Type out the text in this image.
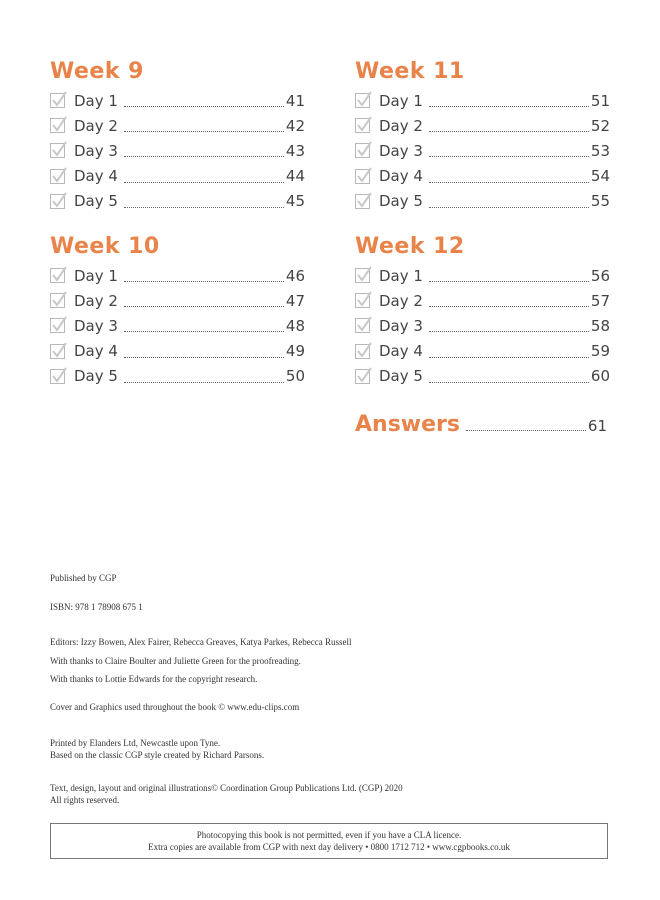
Week 9
Day 1	41
Day 2	42
Day 3	43
Day 4	44
Day 5	45
Week 10
Day 1	46
Day 2	47
Day 3	48
Day 4	49
Day 5	50
Week 11
Day 1	51
Day 2	52
Day 3	53
Day 4	54
Day 5	55
Week 12
Day 1	56
Day 2	57
Day 3	58
Day 4	59
Day 5	60
Answers	61
Published by CGP
ISBN: 978 1 78908 675 1
Editors: Izzy Bowen, Alex Fairer, Rebecca Greaves, Katya Parkes, Rebecca Russell
With thanks to Claire Boulter and Juliette Green for the proofreading.
With thanks to Lottie Edwards for the copyright research.
Cover and Graphics used throughout the book © www.edu-clips.com
Printed by Elanders Ltd, Newcastle upon Tyne.
Based on the classic CGP style created by Richard Parsons.
Text, design, layout and original illustrations© Coordination Group Publications Ltd. (CGP) 2020
All rights reserved.
Photocopying this book is not permitted, even if you have a CLA licence.
Extra copies are available from CGP with next day delivery • 0800 1712 712 • www.cgpbooks.co.uk
